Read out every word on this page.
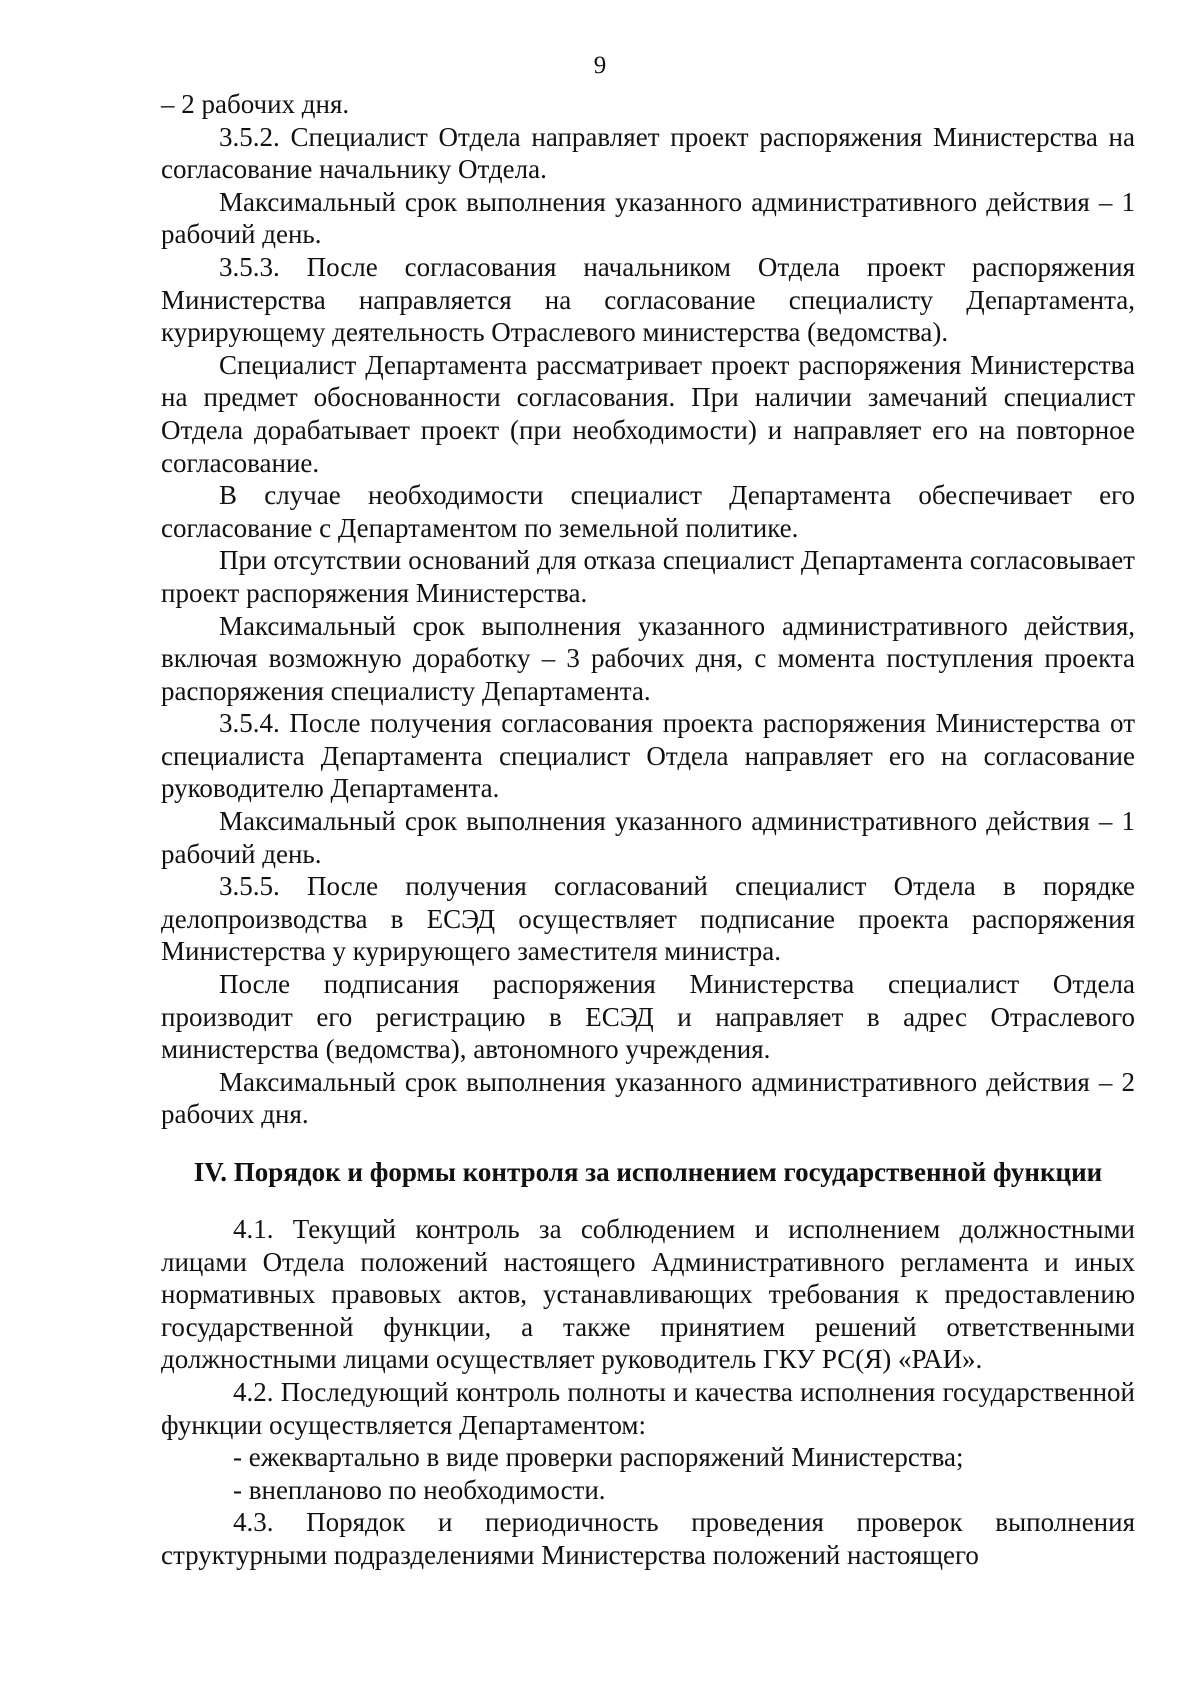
9

– 2 рабочих дня.

3.5.2. Специалист Отдела направляет проект распоряжения Министерства на согласование начальнику Отдела.

Максимальный срок выполнения указанного административного действия – 1 рабочий день.

3.5.3. После согласования начальником Отдела проект распоряжения Министерства направляется на согласование специалисту Департамента, курирующему деятельность Отраслевого министерства (ведомства).

Специалист Департамента рассматривает проект распоряжения Министерства на предмет обоснованности согласования. При наличии замечаний специалист Отдела дорабатывает проект (при необходимости) и направляет его на повторное согласование.

В случае необходимости специалист Департамента обеспечивает его согласование с Департаментом по земельной политике.

При отсутствии оснований для отказа специалист Департамента согласовывает проект распоряжения Министерства.

Максимальный срок выполнения указанного административного действия, включая возможную доработку – 3 рабочих дня, с момента поступления проекта распоряжения специалисту Департамента.

3.5.4. После получения согласования проекта распоряжения Министерства от специалиста Департамента специалист Отдела направляет его на согласование руководителю Департамента.

Максимальный срок выполнения указанного административного действия – 1 рабочий день.

3.5.5. После получения согласований специалист Отдела в порядке делопроизводства в ЕСЭД осуществляет подписание проекта распоряжения Министерства у курирующего заместителя министра.

После подписания распоряжения Министерства специалист Отдела производит его регистрацию в ЕСЭД и направляет в адрес Отраслевого министерства (ведомства), автономного учреждения.

Максимальный срок выполнения указанного административного действия – 2 рабочих дня.

IV. Порядок и формы контроля за исполнением государственной функции

4.1. Текущий контроль за соблюдением и исполнением должностными лицами Отдела положений настоящего Административного регламента и иных нормативных правовых актов, устанавливающих требования к предоставлению государственной функции, а также принятием решений ответственными должностными лицами осуществляет руководитель ГКУ РС(Я) «РАИ».

4.2. Последующий контроль полноты и качества исполнения государственной функции осуществляется Департаментом:

- ежеквартально в виде проверки распоряжений Министерства;

- внепланово по необходимости.

4.3. Порядок и периодичность проведения проверок выполнения структурными подразделениями Министерства положений настоящего
